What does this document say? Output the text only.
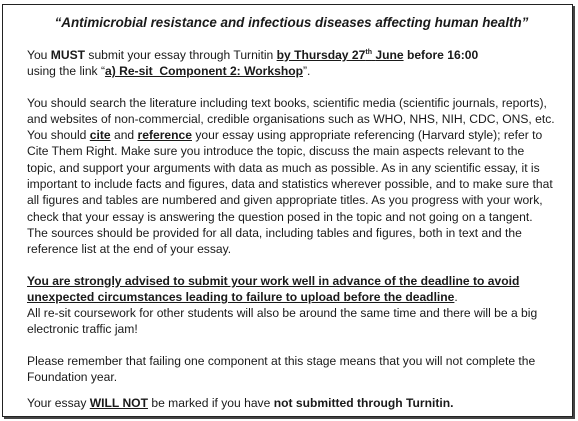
“Antimicrobial resistance and infectious diseases affecting human health”

You MUST submit your essay through Turnitin by Thursday 27th June before 16:00
using the link “a) Re-sit_Component 2: Workshop”.

You should search the literature including text books, scientific media (scientific journals, reports), and websites of non-commercial, credible organisations such as WHO, NHS, NIH, CDC, ONS, etc. You should cite and reference your essay using appropriate referencing (Harvard style); refer to Cite Them Right. Make sure you introduce the topic, discuss the main aspects relevant to the topic, and support your arguments with data as much as possible. As in any scientific essay, it is important to include facts and figures, data and statistics wherever possible, and to make sure that all figures and tables are numbered and given appropriate titles. As you progress with your work, check that your essay is answering the question posed in the topic and not going on a tangent. The sources should be provided for all data, including tables and figures, both in text and the reference list at the end of your essay.

You are strongly advised to submit your work well in advance of the deadline to avoid unexpected circumstances leading to failure to upload before the deadline.

All re-sit coursework for other students will also be around the same time and there will be a big electronic traffic jam!

Please remember that failing one component at this stage means that you will not complete the Foundation year.

Your essay WILL NOT be marked if you have not submitted through Turnitin.
